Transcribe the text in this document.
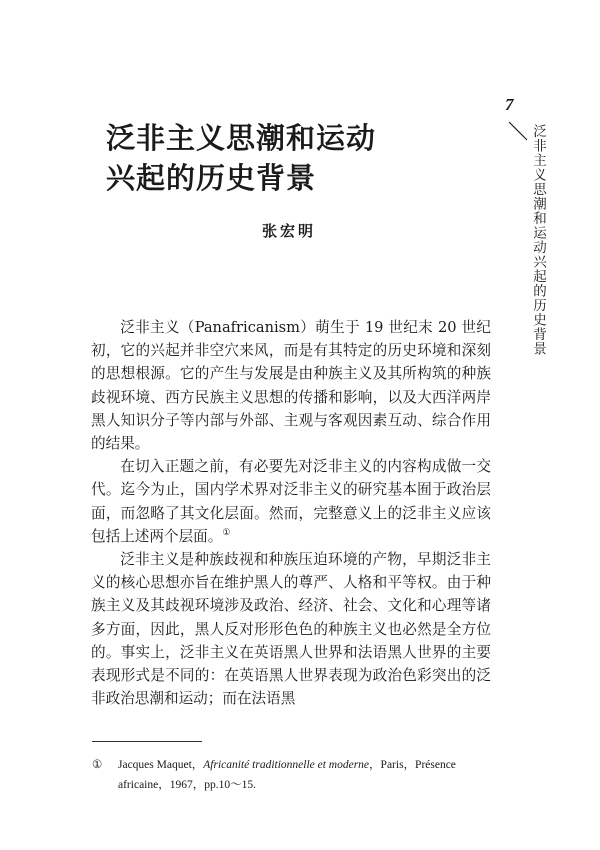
7
泛非主义思潮和运动兴起的历史背景
泛非主义思潮和运动
兴起的历史背景
张宏明

泛非主义（Panafricanism）萌生于 19 世纪末 20 世纪初，它的兴起并非空穴来风，而是有其特定的历史环境和深刻的思想根源。它的产生与发展是由种族主义及其所构筑的种族歧视环境、西方民族主义思想的传播和影响，以及大西洋两岸黑人知识分子等内部与外部、主观与客观因素互动、综合作用的结果。

在切入正题之前，有必要先对泛非主义的内容构成做一交代。迄今为止，国内学术界对泛非主义的研究基本囿于政治层面，而忽略了其文化层面。然而，完整意义上的泛非主义应该包括上述两个层面。①

泛非主义是种族歧视和种族压迫环境的产物，早期泛非主义的核心思想亦旨在维护黑人的尊严、人格和平等权。由于种族主义及其歧视环境涉及政治、经济、社会、文化和心理等诸多方面，因此，黑人反对形形色色的种族主义也必然是全方位的。事实上，泛非主义在英语黑人世界和法语黑人世界的主要表现形式是不同的：在英语黑人世界表现为政治色彩突出的泛非政治思潮和运动；而在法语黑

① Jacques Maquet，Africanité traditionnelle et moderne，Paris，Présence
africaine，1967，pp.10～15.
